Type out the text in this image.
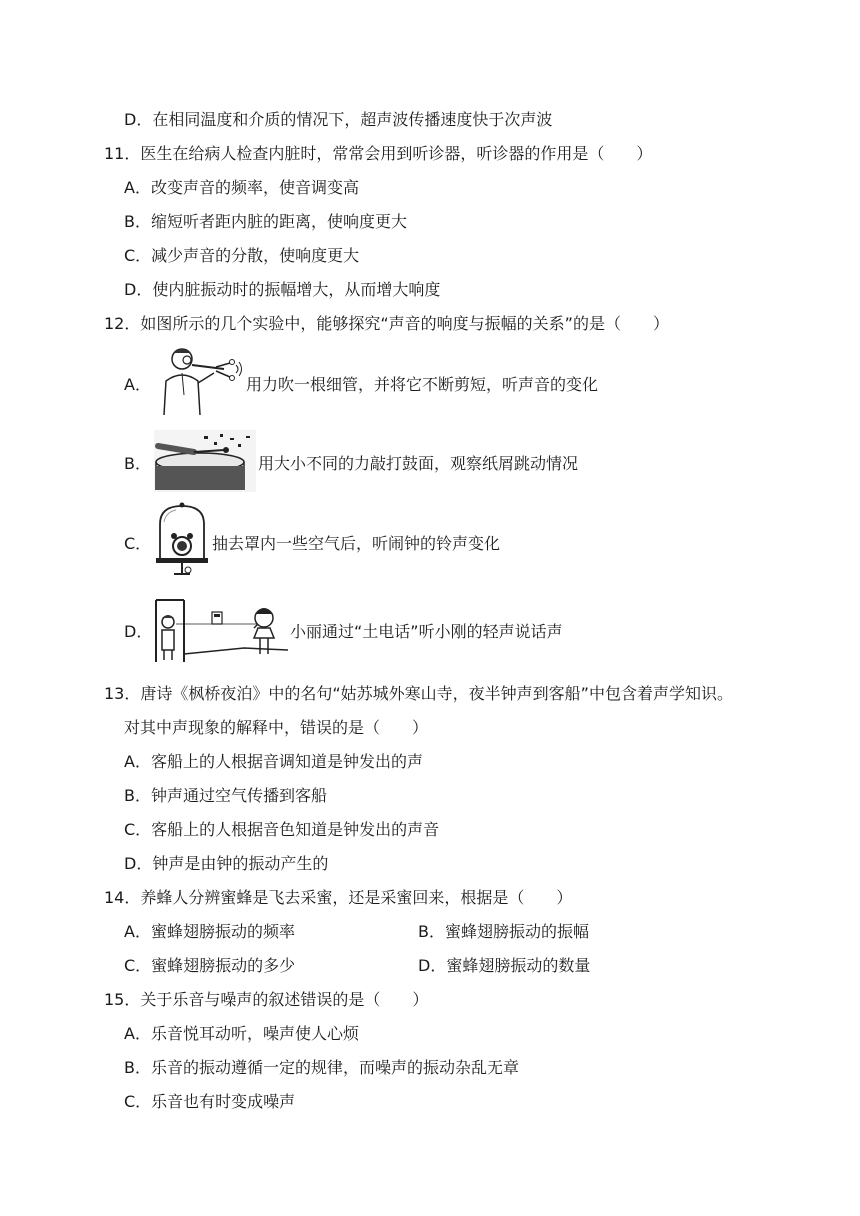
D．在相同温度和介质的情况下，超声波传播速度快于次声波
11．医生在给病人检查内脏时，常常会用到听诊器，听诊器的作用是（　　）
A．改变声音的频率，使音调变高
B．缩短听者距内脏的距离，使响度更大
C．减少声音的分散，使响度更大
D．使内脏振动时的振幅增大，从而增大响度
12．如图所示的几个实验中，能够探究“声音的响度与振幅的关系”的是（　　）
A．	用力吹一根细管，并将它不断剪短，听声音的变化
B．	用大小不同的力敲打鼓面，观察纸屑跳动情况
C．	抽去罩内一些空气后，听闹钟的铃声变化
D．	小丽通过“土电话”听小刚的轻声说话声
13．唐诗《枫桥夜泊》中的名句“姑苏城外寒山寺，夜半钟声到客船”中包含着声学知识。
对其中声现象的解释中，错误的是（　　）
A．客船上的人根据音调知道是钟发出的声
B．钟声通过空气传播到客船
C．客船上的人根据音色知道是钟发出的声音
D．钟声是由钟的振动产生的
14．养蜂人分辨蜜蜂是飞去采蜜，还是采蜜回来，根据是（　　）
A．蜜蜂翅膀振动的频率	B．蜜蜂翅膀振动的振幅
C．蜜蜂翅膀振动的多少	D．蜜蜂翅膀振动的数量
15．关于乐音与噪声的叙述错误的是（　　）
A．乐音悦耳动听，噪声使人心烦
B．乐音的振动遵循一定的规律，而噪声的振动杂乱无章
C．乐音也有时变成噪声
